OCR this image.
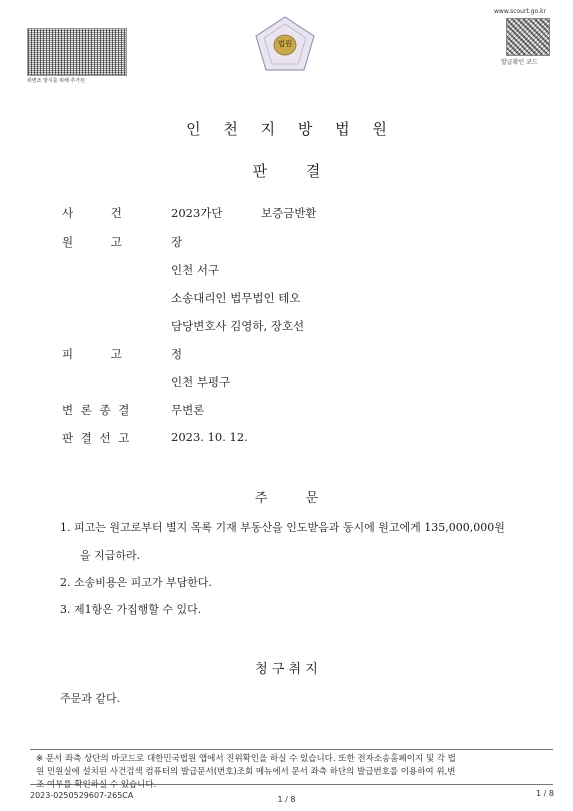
위변조 방지를 위해 추가된
법원
www.scourt.go.kr
발급확인 코드
인 천 지 방 법 원
판 결
사 건	2023가단	보증금반환
원 고	장
인천 서구
소송대리인 법무법인 테오
담당변호사 김영하, 장호선
피 고	정
인천 부평구
변 론 종 결	무변론
판 결 선 고	2023. 10. 12.
주 문
1. 피고는 원고로부터 별지 목록 기재 부동산을 인도받음과 동시에 원고에게 135,000,000원
을 지급하라.
2. 소송비용은 피고가 부담한다.
3. 제1항은 가집행할 수 있다.
청 구 취 지
주문과 같다.
※ 문서 좌측 상단의 바코드로 대한민국법원 앱에서 진위확인을 하실 수 있습니다. 또한 전자소송홈페이지 및 각 법
원 민원실에 설치된 사건검색 컴퓨터의 발급문서(번호)조회 메뉴에서 문서 좌측 하단의 발급번호를 이용하여 위,변
조 여부를 확인하실 수 있습니다.
2023-0250529607-265CA	1 / 8
1 / 8
